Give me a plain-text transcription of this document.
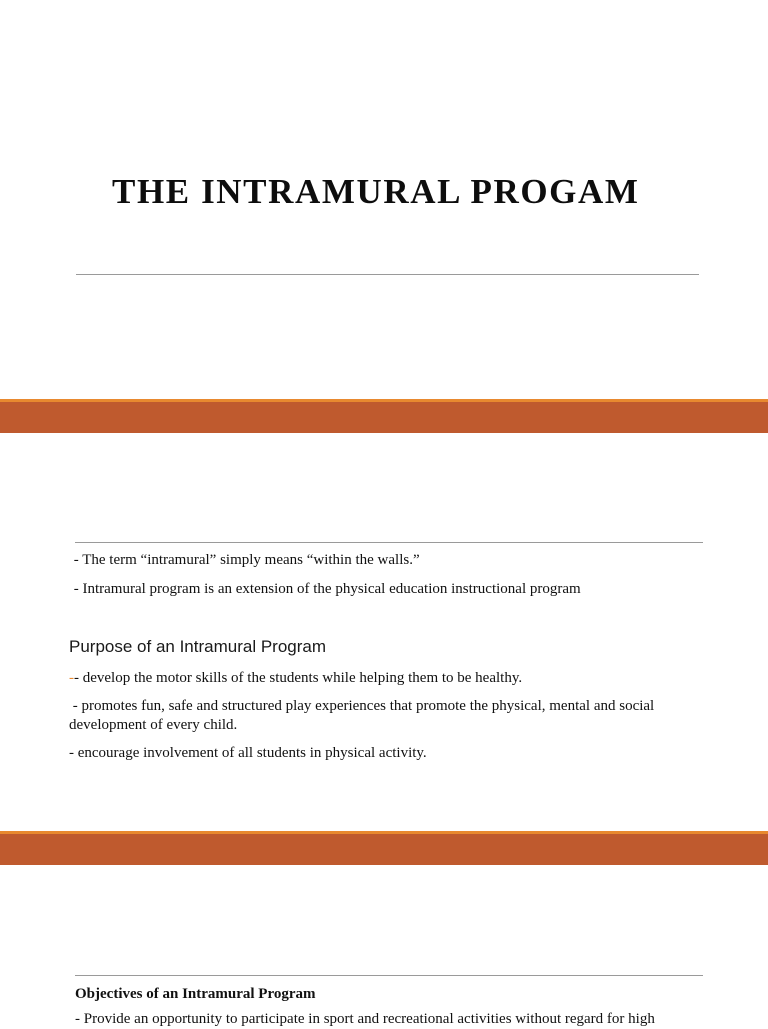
THE INTRAMURAL PROGAM

- The term “intramural” simply means “within the walls.”

- Intramural program is an extension of the physical education instructional program

Purpose of an Intramural Program

-- develop the motor skills of the students while helping them to be healthy.

- promotes fun, safe and structured play experiences that promote the physical, mental and social development of every child.

- encourage involvement of all students in physical activity.

Objectives of an Intramural Program

- Provide an opportunity to participate in sport and recreational activities without regard for high
